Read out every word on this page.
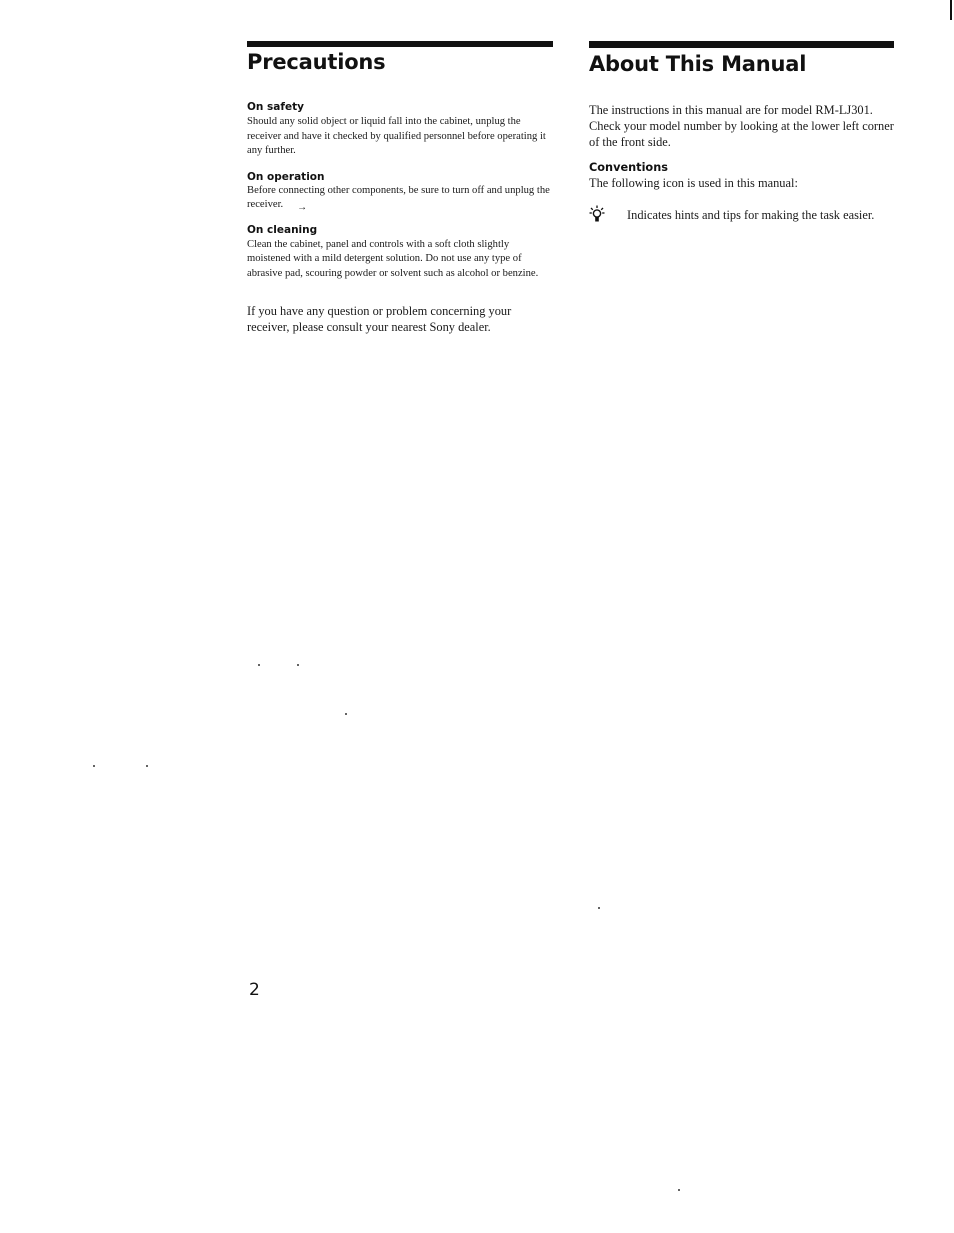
Precautions

On safety

Should any solid object or liquid fall into the cabinet, unplug the receiver and have it checked by qualified personnel before operating it any further.

On operation

Before connecting other components, be sure to turn off and unplug the receiver. →

On cleaning

Clean the cabinet, panel and controls with a soft cloth slightly moistened with a mild detergent solution. Do not use any type of abrasive pad, scouring powder or solvent such as alcohol or benzine.

If you have any question or problem concerning your receiver, please consult your nearest Sony dealer.

About This Manual

The instructions in this manual are for model RM-LJ301. Check your model number by looking at the lower left corner of the front side.

Conventions

The following icon is used in this manual:

Indicates hints and tips for making the task easier.
2
